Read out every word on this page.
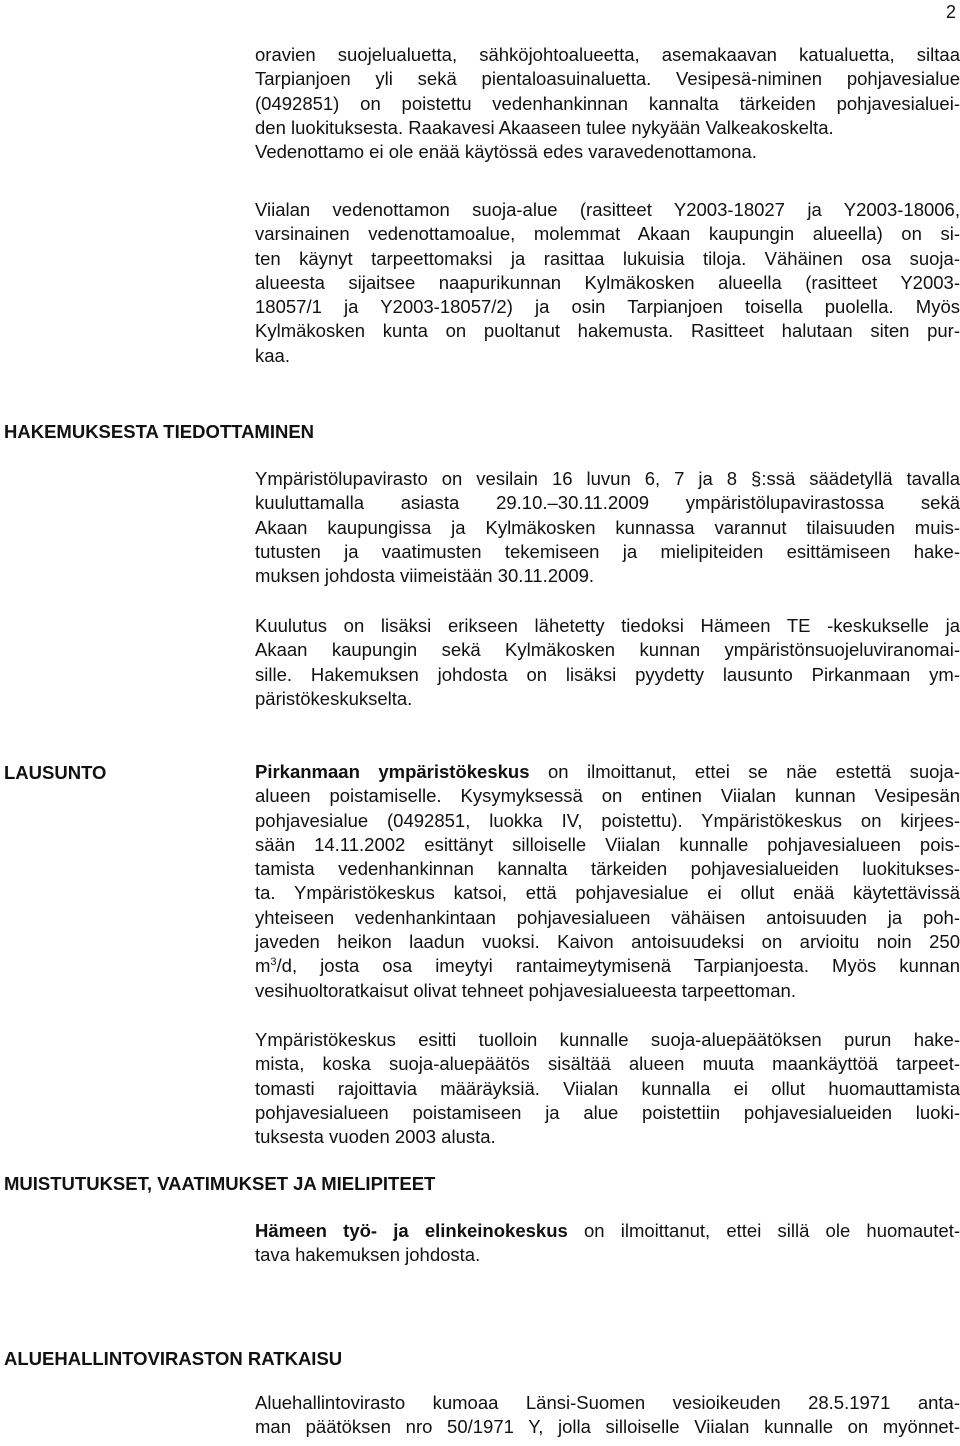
2
oravien suojelualuetta, sähköjohtoalueetta, asemakaavan katualuetta, siltaa
Tarpianjoen yli sekä pientaloasuinaluetta. Vesipesä-niminen pohjavesialue
(0492851) on poistettu vedenhankinnan kannalta tärkeiden pohjavesialuei-
den luokituksesta. Raakavesi Akaaseen tulee nykyään Valkeakoskelta.
Vedenottamo ei ole enää käytössä edes varavedenottamona.
Viialan vedenottamon suoja-alue (rasitteet Y2003-18027 ja Y2003-18006,
varsinainen vedenottamoalue, molemmat Akaan kaupungin alueella) on si-
ten käynyt tarpeettomaksi ja rasittaa lukuisia tiloja. Vähäinen osa suoja-
alueesta sijaitsee naapurikunnan Kylmäkosken alueella (rasitteet Y2003-
18057/1 ja Y2003-18057/2) ja osin Tarpianjoen toisella puolella. Myös
Kylmäkosken kunta on puoltanut hakemusta. Rasitteet halutaan siten pur-
kaa.
HAKEMUKSESTA TIEDOTTAMINEN
Ympäristölupavirasto on vesilain 16 luvun 6, 7 ja 8 §:ssä säädetyllä tavalla
kuuluttamalla asiasta 29.10.–30.11.2009 ympäristölupavirastossa sekä
Akaan kaupungissa ja Kylmäkosken kunnassa varannut tilaisuuden muis-
tutusten ja vaatimusten tekemiseen ja mielipiteiden esittämiseen hake-
muksen johdosta viimeistään 30.11.2009.
Kuulutus on lisäksi erikseen lähetetty tiedoksi Hämeen TE -keskukselle ja
Akaan kaupungin sekä Kylmäkosken kunnan ympäristönsuojeluviranomai-
sille. Hakemuksen johdosta on lisäksi pyydetty lausunto Pirkanmaan ym-
päristökeskukselta.
LAUSUNTO	Pirkanmaan ympäristökeskus on ilmoittanut, ettei se näe estettä suoja-
alueen poistamiselle. Kysymyksessä on entinen Viialan kunnan Vesipesän
pohjavesialue (0492851, luokka IV, poistettu). Ympäristökeskus on kirjees-
sään 14.11.2002 esittänyt silloiselle Viialan kunnalle pohjavesialueen pois-
tamista vedenhankinnan kannalta tärkeiden pohjavesialueiden luokitukses-
ta. Ympäristökeskus katsoi, että pohjavesialue ei ollut enää käytettävissä
yhteiseen vedenhankintaan pohjavesialueen vähäisen antoisuuden ja poh-
javeden heikon laadun vuoksi. Kaivon antoisuudeksi on arvioitu noin 250
$m^3/d$, josta osa imeytyi rantaimeytymisenä Tarpianjoesta. Myös kunnan
vesihuoltoratkaisut olivat tehneet pohjavesialueesta tarpeettoman.
Ympäristökeskus esitti tuolloin kunnalle suoja-aluepäätöksen purun hake-
mista, koska suoja-aluepäätös sisältää alueen muuta maankäyttöä tarpeet-
tomasti rajoittavia määräyksiä. Viialan kunnalla ei ollut huomauttamista
pohjavesialueen poistamiseen ja alue poistettiin pohjavesialueiden luoki-
tuksesta vuoden 2003 alusta.
MUISTUTUKSET, VAATIMUKSET JA MIELIPITEET
Hämeen työ- ja elinkeinokeskus on ilmoittanut, ettei sillä ole huomautet-
tava hakemuksen johdosta.
ALUEHALLINTOVIRASTON RATKAISU
Aluehallintovirasto kumoaa Länsi-Suomen vesioikeuden 28.5.1971 anta-
man päätöksen nro 50/1971 Y, jolla silloiselle Viialan kunnalle on myönnet-
